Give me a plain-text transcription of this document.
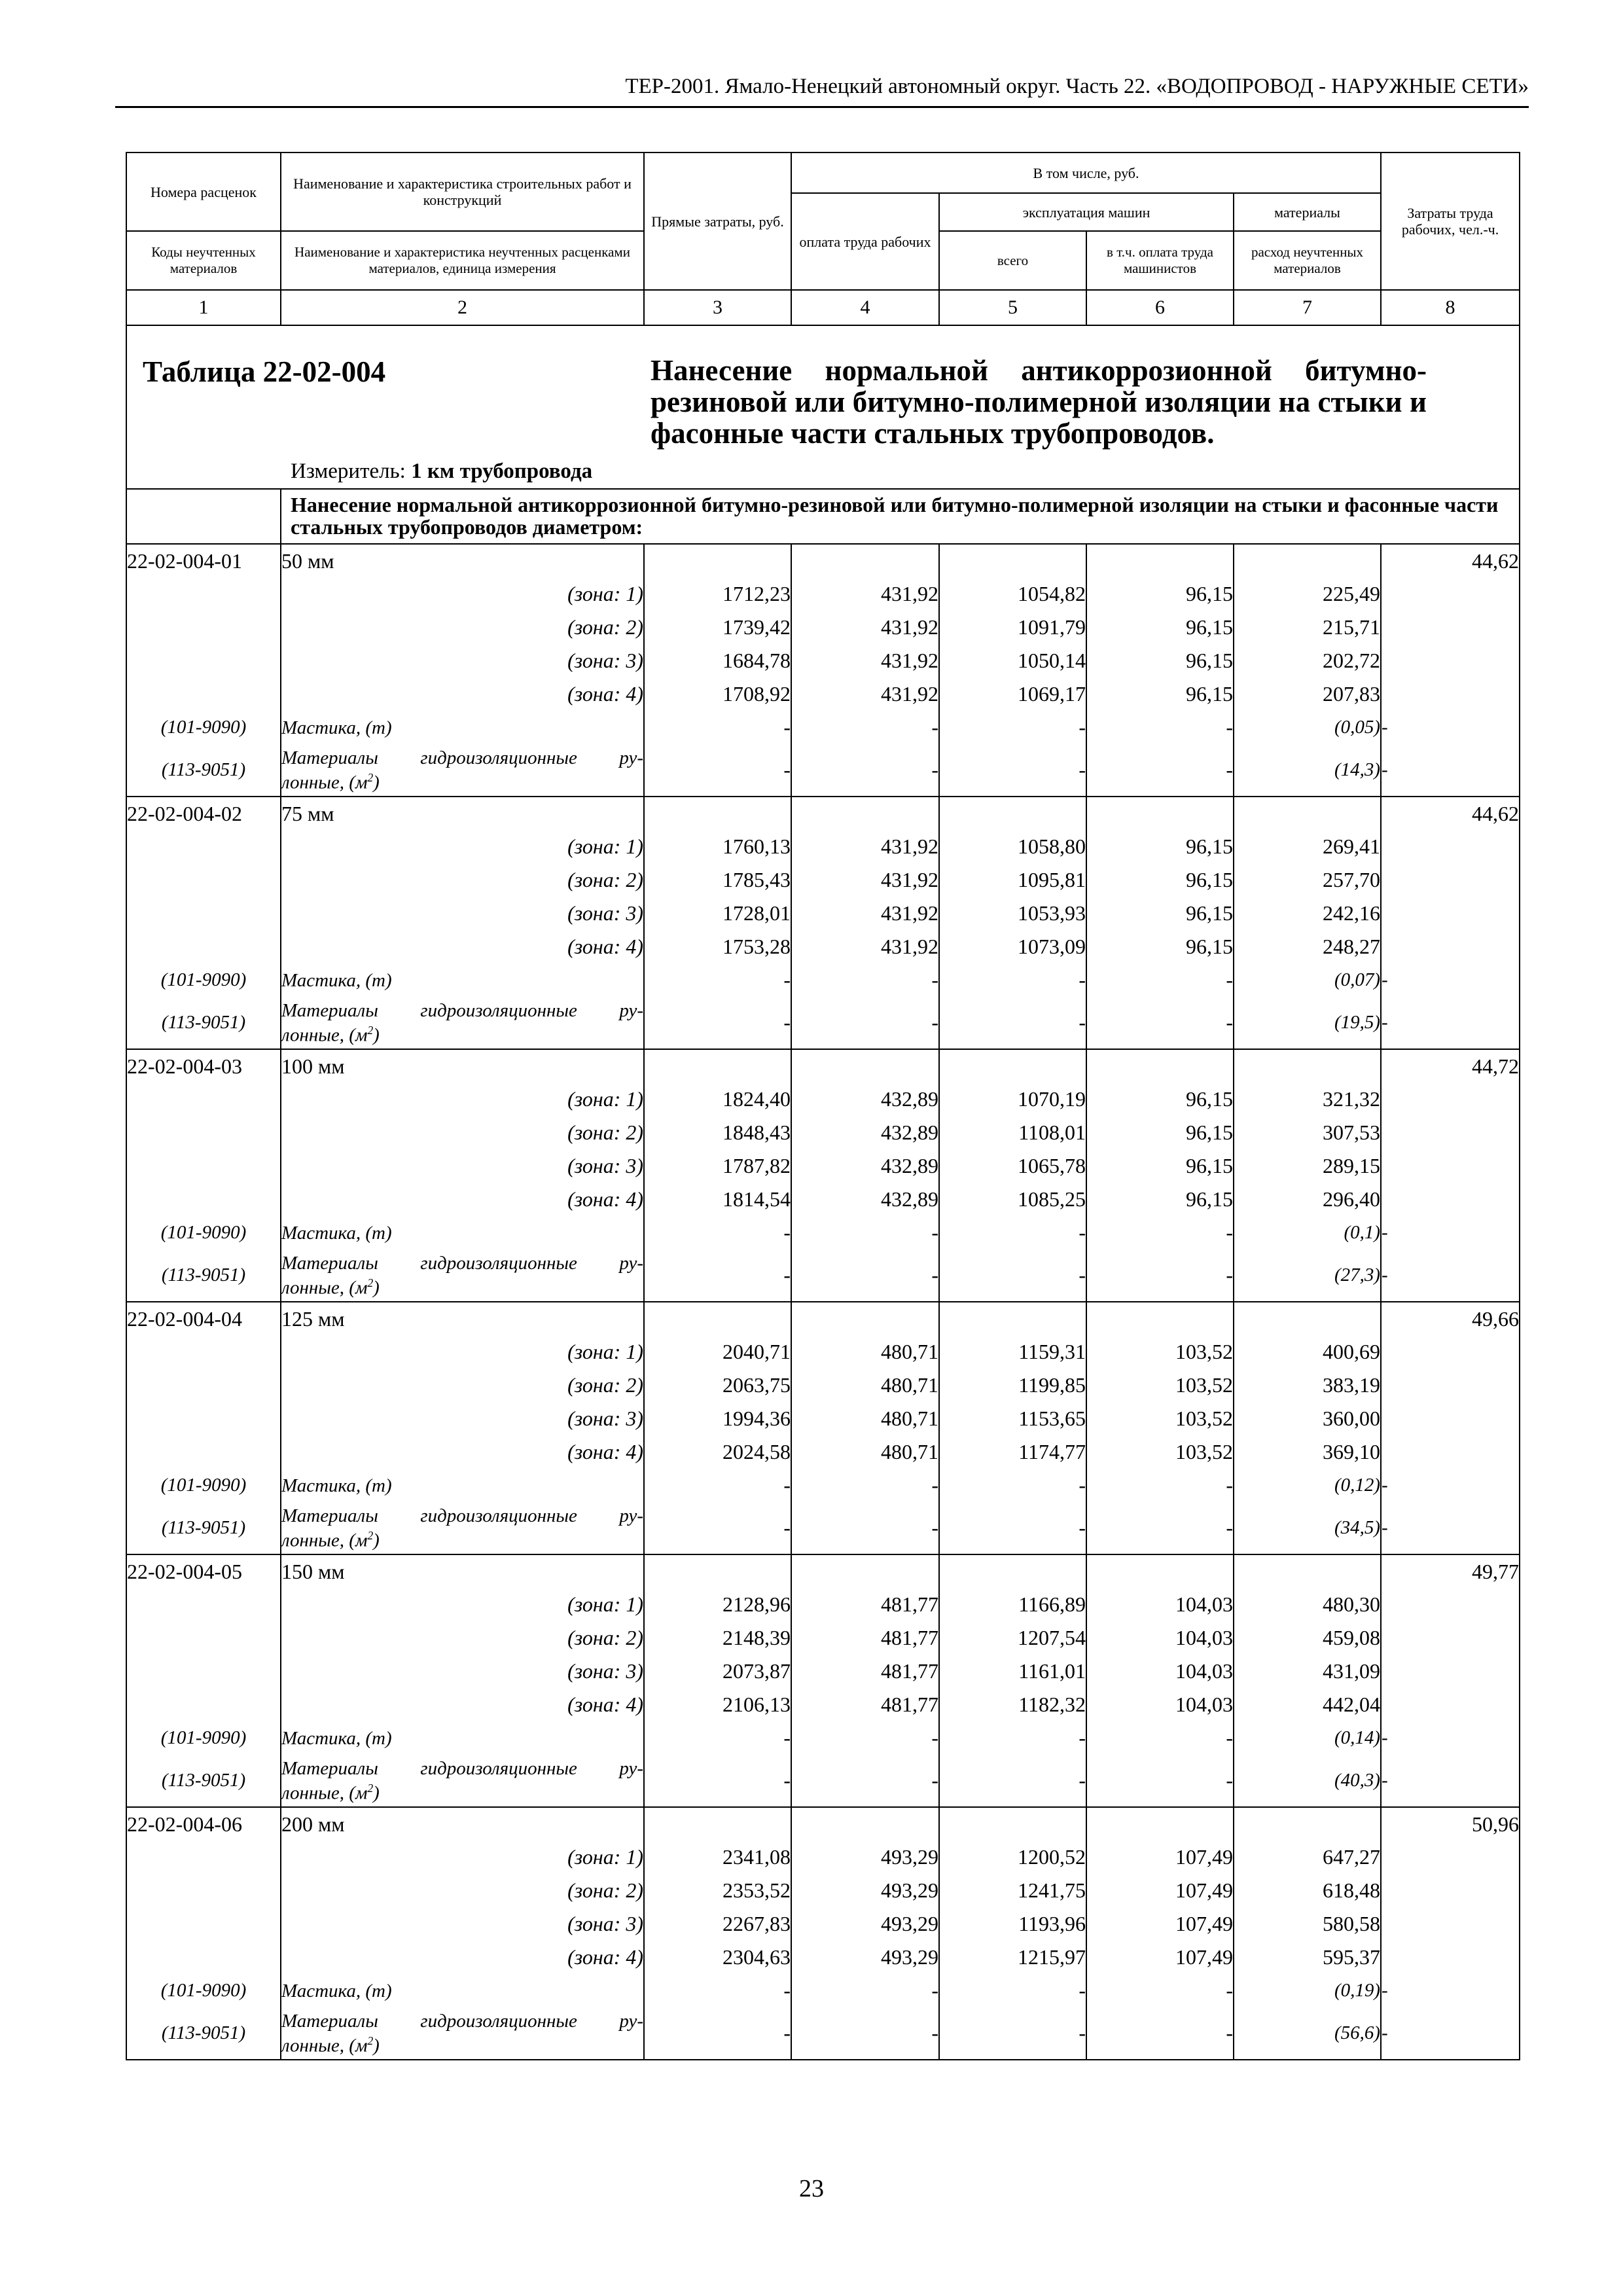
ТЕР-2001. Ямало-Ненецкий автономный округ. Часть 22. «ВОДОПРОВОД - НАРУЖНЫЕ СЕТИ»
Номера расценок	Наименование и характеристика строительных работ и конструкций	Прямые затраты, руб.	В том числе, руб.				Затраты труда рабочих, чел.-ч.
			оплата труда рабочих	эксплуатация машин		материалы	
Коды неучтенных материалов	Наименование и характеристика неучтенных расценками материалов, единица измерения			всего	в т.ч. оплата труда машинистов	расход неучтенных материалов	
1	2	3	4	5	6	7	8

Таблица 22-02-004 Нанесение нормальной антикоррозионной битумно-резиновой или битумно-полимерной изоляции на стыки и фасонные части стальных трубопроводов.
Измеритель: 1 км трубопровода							

	Нанесение нормальной антикоррозионной битумно-резиновой или битумно-полимерной изоляции на стыки и фасонные части стальных трубопроводов диаметром:						
22-02-004-01	50 мм						44,62
	(зона: 1)	1712,23	431,92	1054,82	96,15	225,49	
	(зона: 2)	1739,42	431,92	1091,79	96,15	215,71	
	(зона: 3)	1684,78	431,92	1050,14	96,15	202,72	
	(зона: 4)	1708,92	431,92	1069,17	96,15	207,83	
(101-9090)	Мастика, (т)	-	-	-	-	(0,05)	-
(113-9051)	Материалы гидроизоляционные ру-
лонные, $(м^2)$	-	-	-	-	(14,3)	-
22-02-004-02	75 мм						44,62
	(зона: 1)	1760,13	431,92	1058,80	96,15	269,41	
	(зона: 2)	1785,43	431,92	1095,81	96,15	257,70	
	(зона: 3)	1728,01	431,92	1053,93	96,15	242,16	
	(зона: 4)	1753,28	431,92	1073,09	96,15	248,27	
(101-9090)	Мастика, (т)	-	-	-	-	(0,07)	-
(113-9051)	Материалы гидроизоляционные ру-
лонные, $(м^2)$	-	-	-	-	(19,5)	-
22-02-004-03	100 мм						44,72
	(зона: 1)	1824,40	432,89	1070,19	96,15	321,32	
	(зона: 2)	1848,43	432,89	1108,01	96,15	307,53	
	(зона: 3)	1787,82	432,89	1065,78	96,15	289,15	
	(зона: 4)	1814,54	432,89	1085,25	96,15	296,40	
(101-9090)	Мастика, (т)	-	-	-	-	(0,1)	-
(113-9051)	Материалы гидроизоляционные ру-
лонные, $(м^2)$	-	-	-	-	(27,3)	-
22-02-004-04	125 мм						49,66
	(зона: 1)	2040,71	480,71	1159,31	103,52	400,69	
	(зона: 2)	2063,75	480,71	1199,85	103,52	383,19	
	(зона: 3)	1994,36	480,71	1153,65	103,52	360,00	
	(зона: 4)	2024,58	480,71	1174,77	103,52	369,10	
(101-9090)	Мастика, (т)	-	-	-	-	(0,12)	-
(113-9051)	Материалы гидроизоляционные ру-
лонные, $(м^2)$	-	-	-	-	(34,5)	-
22-02-004-05	150 мм						49,77
	(зона: 1)	2128,96	481,77	1166,89	104,03	480,30	
	(зона: 2)	2148,39	481,77	1207,54	104,03	459,08	
	(зона: 3)	2073,87	481,77	1161,01	104,03	431,09	
	(зона: 4)	2106,13	481,77	1182,32	104,03	442,04	
(101-9090)	Мастика, (т)	-	-	-	-	(0,14)	-
(113-9051)	Материалы гидроизоляционные ру-
лонные, $(м^2)$	-	-	-	-	(40,3)	-
22-02-004-06	200 мм						50,96
	(зона: 1)	2341,08	493,29	1200,52	107,49	647,27	
	(зона: 2)	2353,52	493,29	1241,75	107,49	618,48	
	(зона: 3)	2267,83	493,29	1193,96	107,49	580,58	
	(зона: 4)	2304,63	493,29	1215,97	107,49	595,37	
(101-9090)	Мастика, (т)	-	-	-	-	(0,19)	-
(113-9051)	Материалы гидроизоляционные ру-
лонные, $(м^2)$	-	-	-	-	(56,6)	-
23
